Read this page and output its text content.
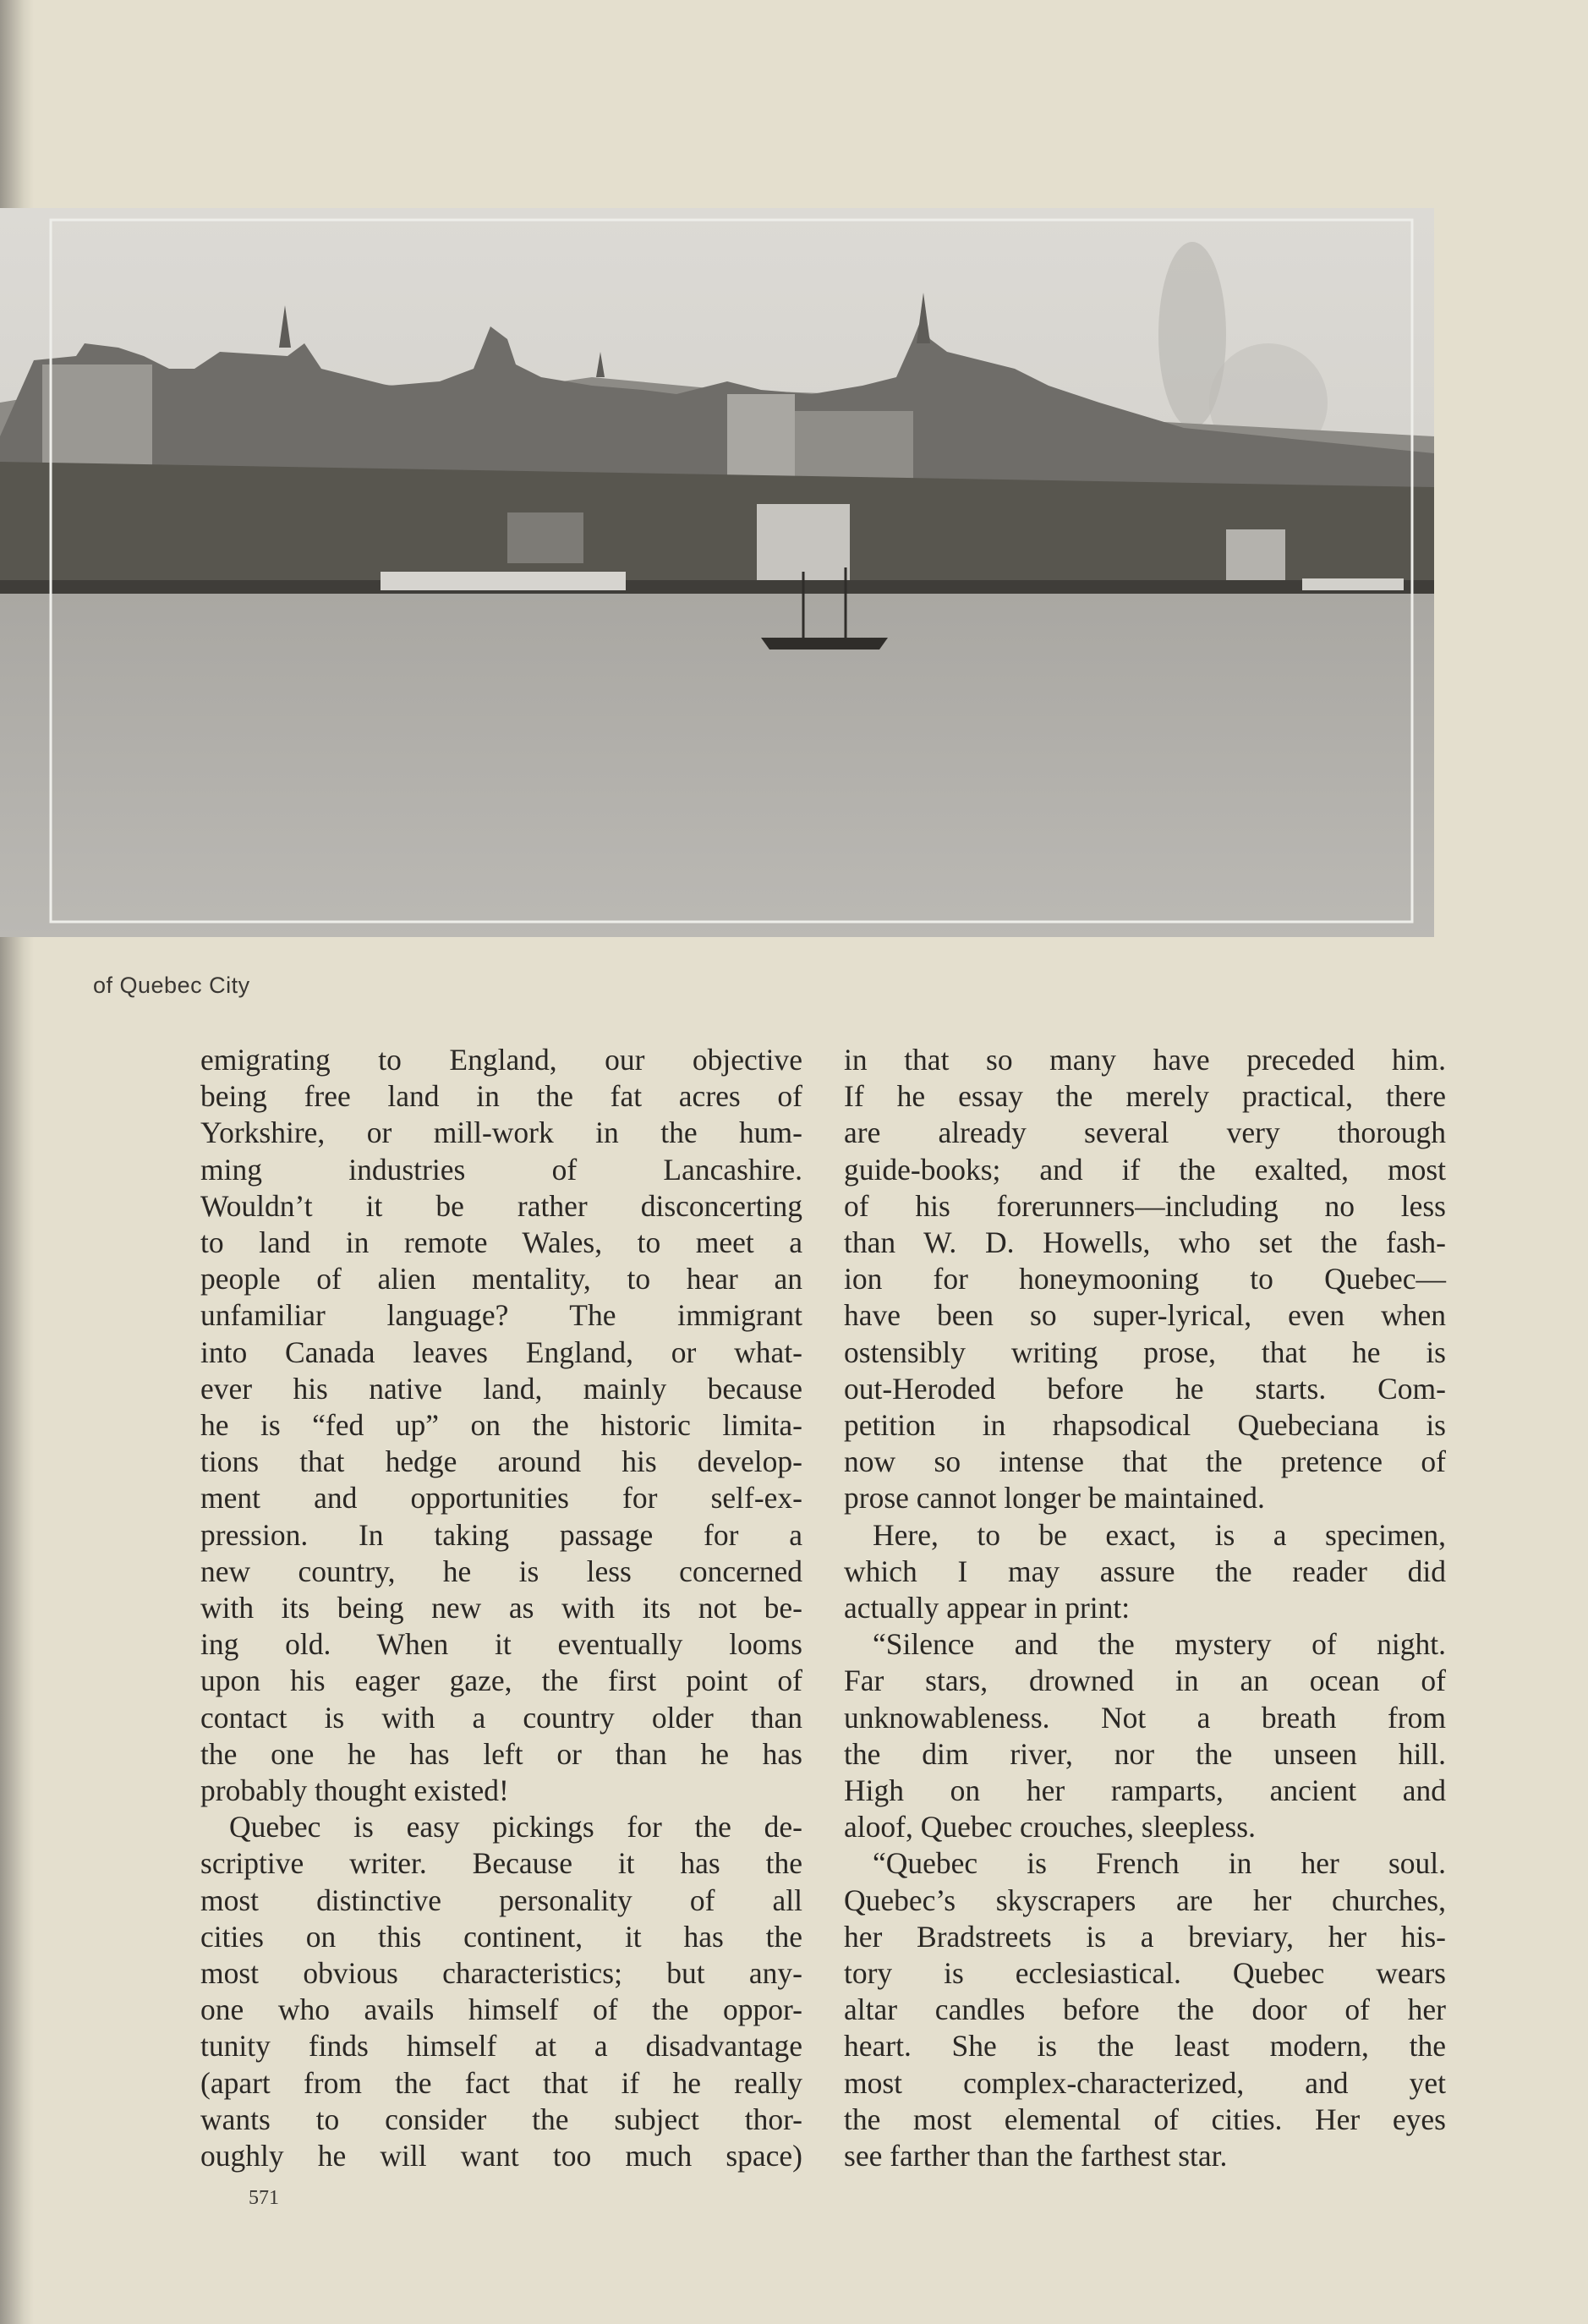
of Quebec City

emigrating to England, our objective
being free land in the fat acres of
Yorkshire, or mill-work in the hum-
ming industries of Lancashire.
Wouldn’t it be rather disconcerting
to land in remote Wales, to meet a
people of alien mentality, to hear an
unfamiliar language? The immigrant
into Canada leaves England, or what-
ever his native land, mainly because
he is “fed up” on the historic limita-
tions that hedge around his develop-
ment and opportunities for self-ex-
pression. In taking passage for a
new country, he is less concerned
with its being new as with its not be-
ing old. When it eventually looms
upon his eager gaze, the first point of
contact is with a country older than
the one he has left or than he has
probably thought existed!

Quebec is easy pickings for the de-
scriptive writer. Because it has the
most distinctive personality of all
cities on this continent, it has the
most obvious characteristics; but any-
one who avails himself of the oppor-
tunity finds himself at a disadvantage
(apart from the fact that if he really
wants to consider the subject thor-
oughly he will want too much space)

in that so many have preceded him.
If he essay the merely practical, there
are already several very thorough
guide-books; and if the exalted, most
of his forerunners—including no less
than W. D. Howells, who set the fash-
ion for honeymooning to Quebec—
have been so super-lyrical, even when
ostensibly writing prose, that he is
out-Heroded before he starts. Com-
petition in rhapsodical Quebeciana is
now so intense that the pretence of
prose cannot longer be maintained.

Here, to be exact, is a specimen,
which I may assure the reader did
actually appear in print:

“Silence and the mystery of night.
Far stars, drowned in an ocean of
unknowableness. Not a breath from
the dim river, nor the unseen hill.
High on her ramparts, ancient and
aloof, Quebec crouches, sleepless.

“Quebec is French in her soul.
Quebec’s skyscrapers are her churches,
her Bradstreets is a breviary, her his-
tory is ecclesiastical. Quebec wears
altar candles before the door of her
heart. She is the least modern, the
most complex-characterized, and yet
the most elemental of cities. Her eyes
see farther than the farthest star.

571
